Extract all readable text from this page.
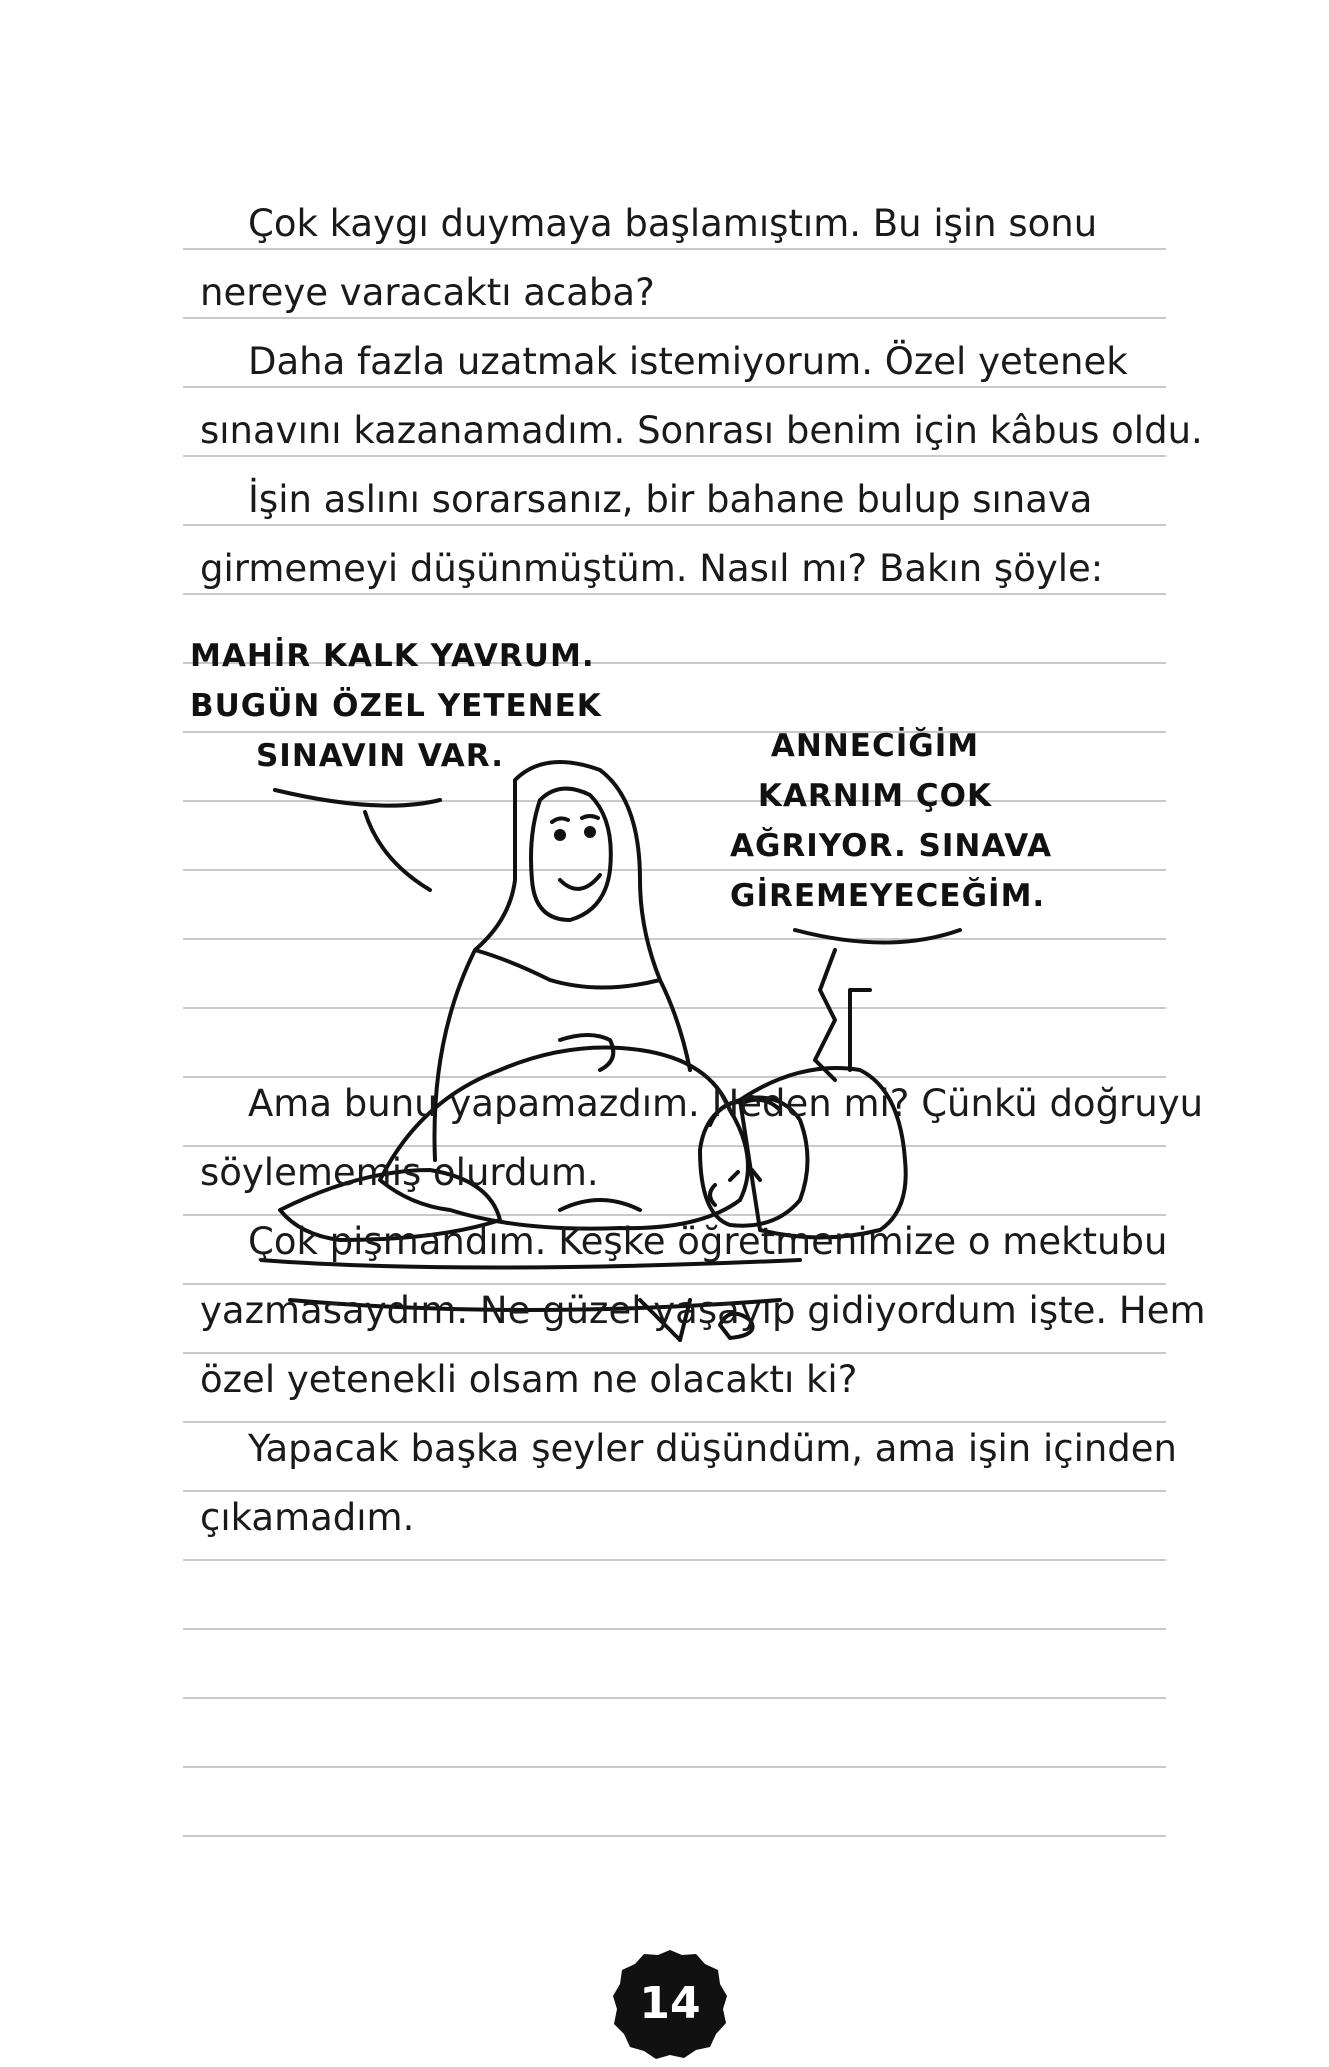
Çok kaygı duymaya başlamıştım. Bu işin sonu
nereye varacaktı acaba?
Daha fazla uzatmak istemiyorum. Özel yetenek
sınavını kazanamadım. Sonrası benim için kâbus oldu.
İşin aslını sorarsanız, bir bahane bulup sınava
girmemeyi düşünmüştüm. Nasıl mı? Bakın şöyle:
MAHİR KALK YAVRUM.
BUGÜN ÖZEL YETENEK
SINAVIN VAR.	ANNECİĞİM
KARNIM ÇOK
AĞRIYOR. SINAVA
GİREMEYECEĞİM.
Ama bunu yapamazdım. Neden mi? Çünkü doğruyu
söylememiş olurdum.
Çok pişmandım. Keşke öğretmenimize o mektubu
yazmasaydım. Ne güzel yaşayıp gidiyordum işte. Hem
özel yetenekli olsam ne olacaktı ki?
Yapacak başka şeyler düşündüm, ama işin içinden
çıkamadım.
14
